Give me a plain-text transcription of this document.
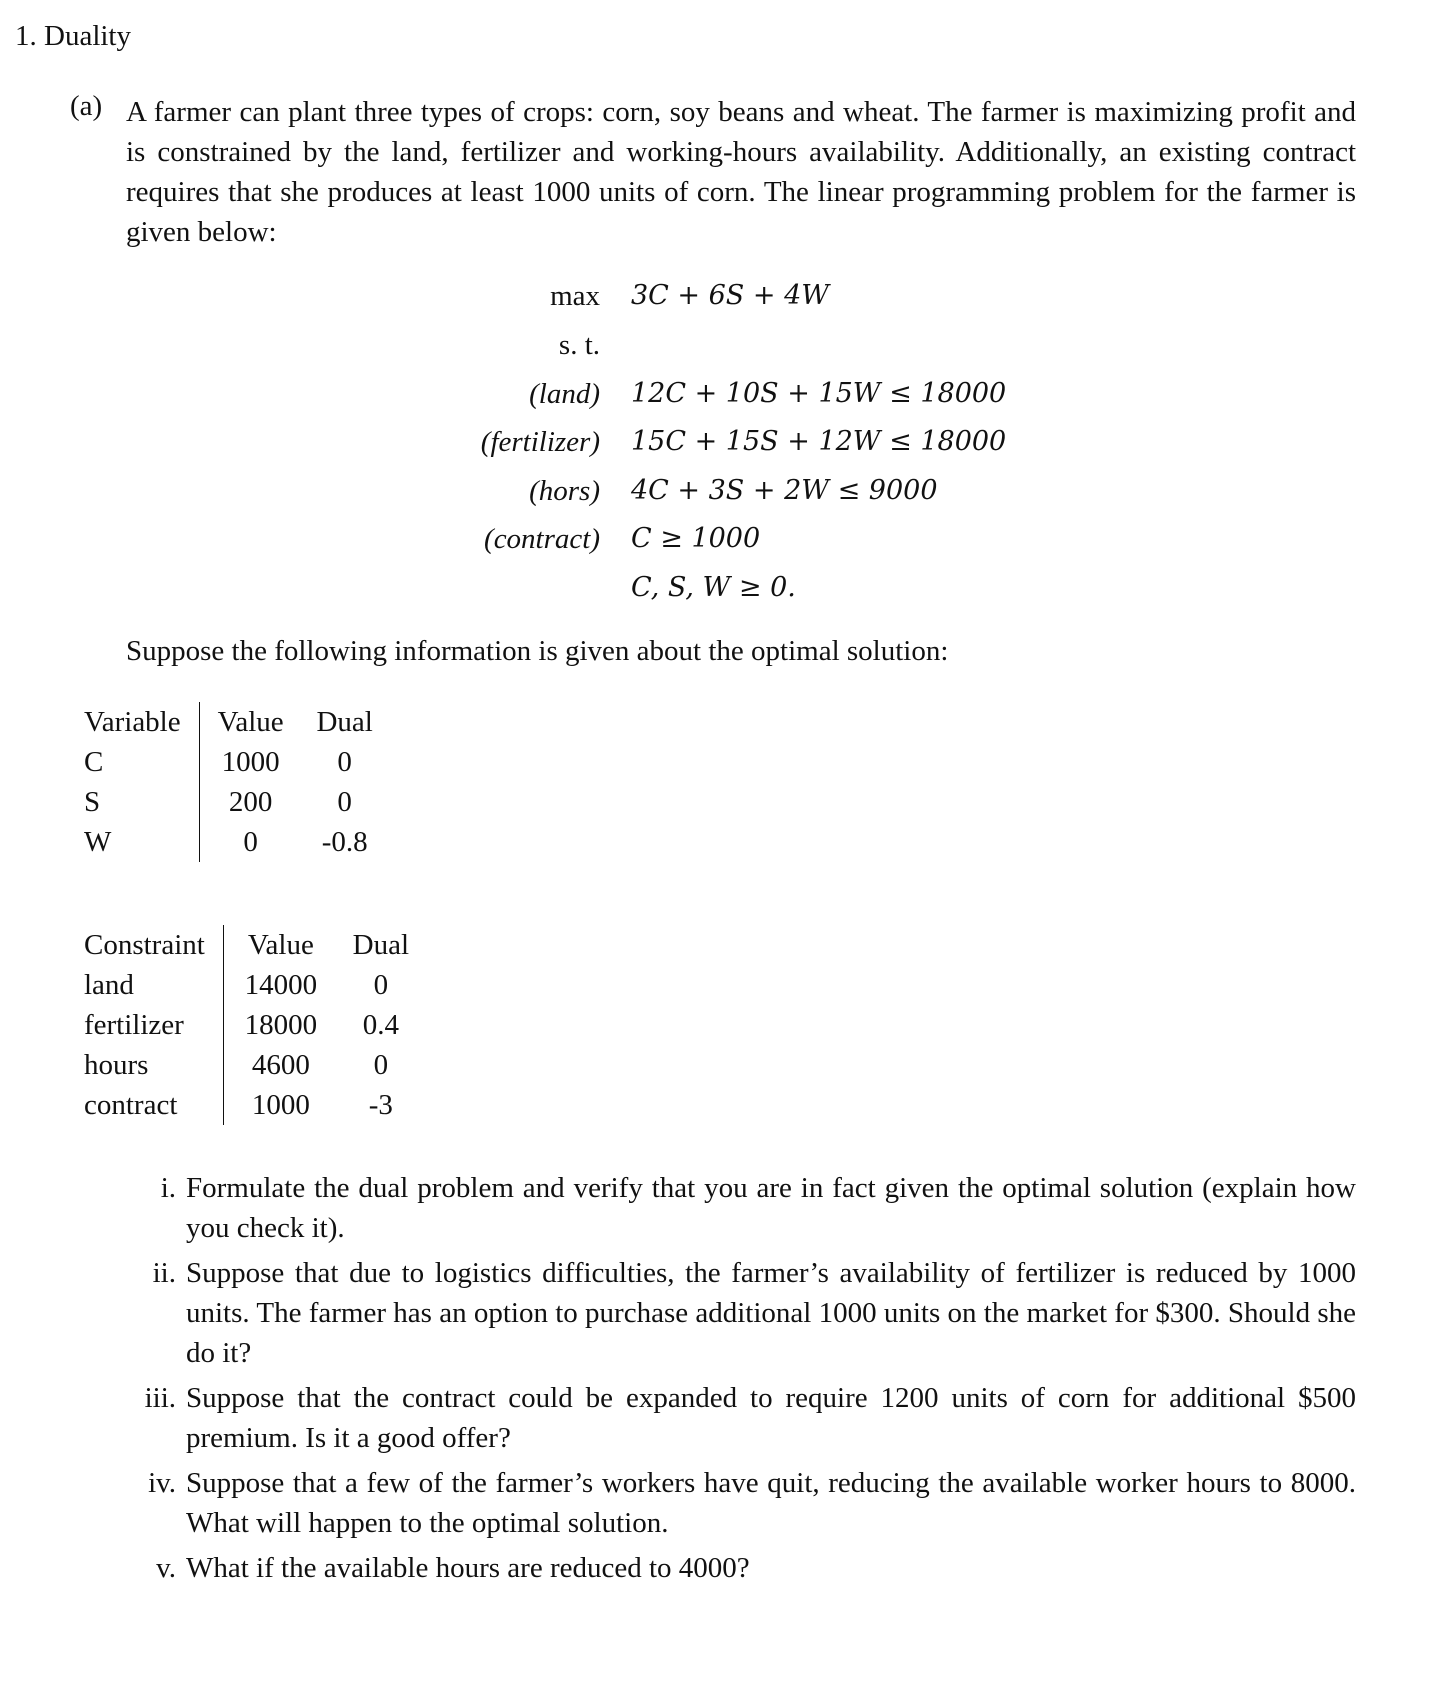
1. Duality
(a) A farmer can plant three types of crops: corn, soy beans and wheat. The farmer is maximizing profit and is constrained by the land, fertilizer and working-hours availability. Additionally, an existing contract requires that she produces at least 1000 units of corn. The linear programming problem for the farmer is given below:
max 3C + 6S + 4W
s. t.
(land) 12C + 10S + 15W ≤ 18000
(fertilizer) 15C + 15S + 12W ≤ 18000
(hors) 4C + 3S + 2W ≤ 9000
(contract) C ≥ 1000
C, S, W ≥ 0.
Suppose the following information is given about the optimal solution:
Variable	Value	Dual
C	1000	0
S	200	0
W	0	-0.8
Constraint	Value	Dual
land	14000	0
fertilizer	18000	0.4
hours	4600	0
contract	1000	-3
i. Formulate the dual problem and verify that you are in fact given the optimal solution (explain how you check it).
ii. Suppose that due to logistics difficulties, the farmer’s availability of fertilizer is reduced by 1000 units. The farmer has an option to purchase additional 1000 units on the market for $300. Should she do it?
iii. Suppose that the contract could be expanded to require 1200 units of corn for additional $500 premium. Is it a good offer?
iv. Suppose that a few of the farmer’s workers have quit, reducing the available worker hours to 8000. What will happen to the optimal solution.
v. What if the available hours are reduced to 4000?
